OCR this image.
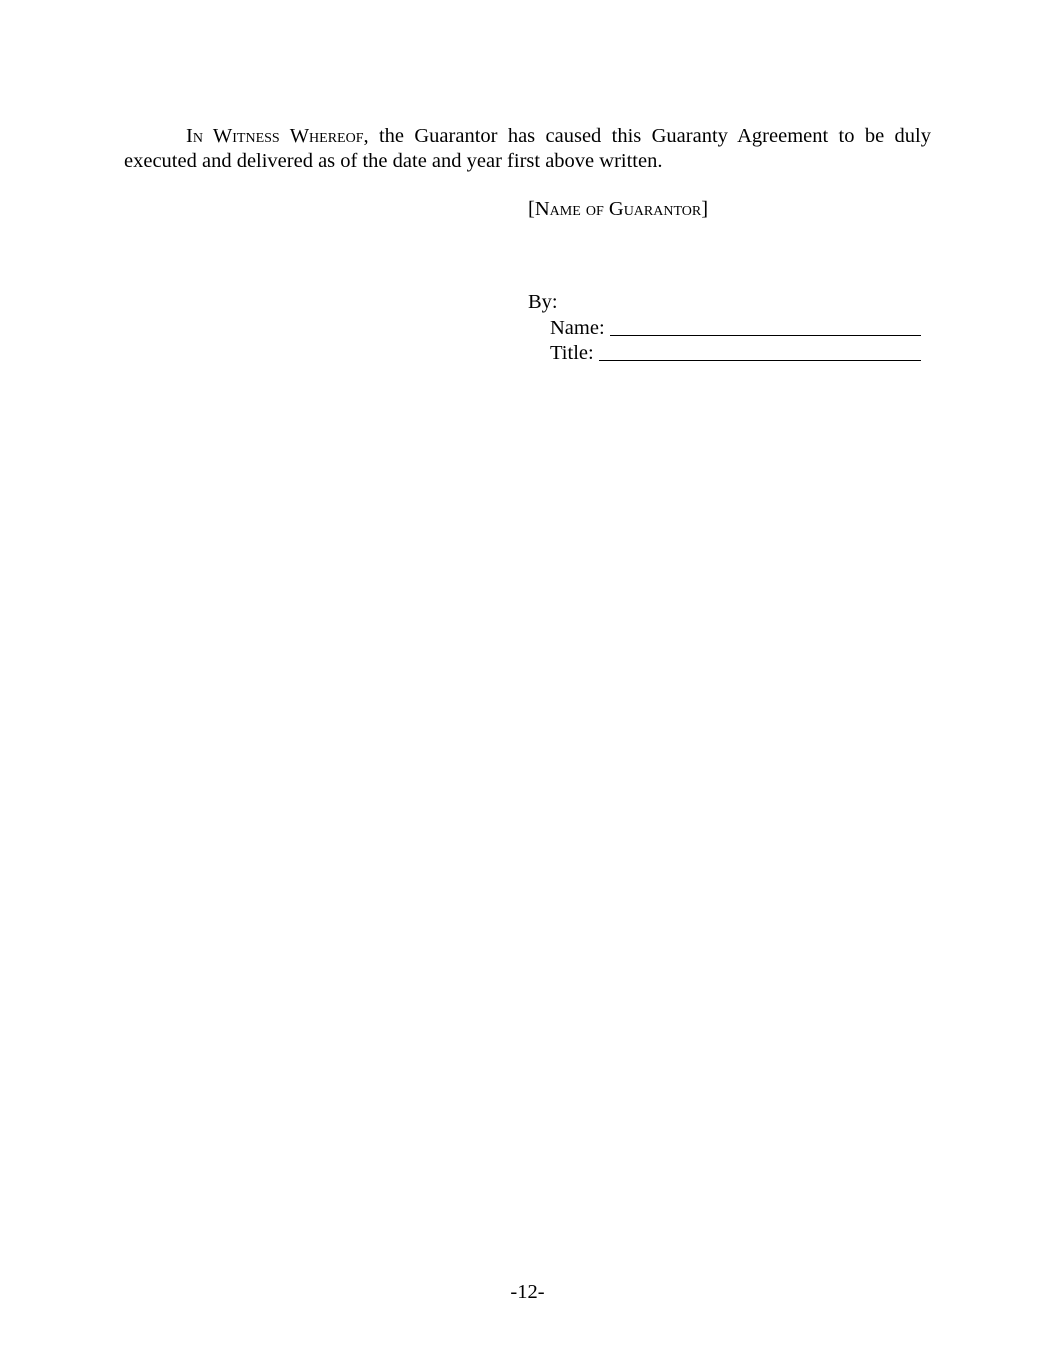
In Witness Whereof, the Guarantor has caused this Guaranty Agreement to be duly executed and delivered as of the date and year first above written.

[Name of Guarantor]
By:
Name:
Title:
-12-
